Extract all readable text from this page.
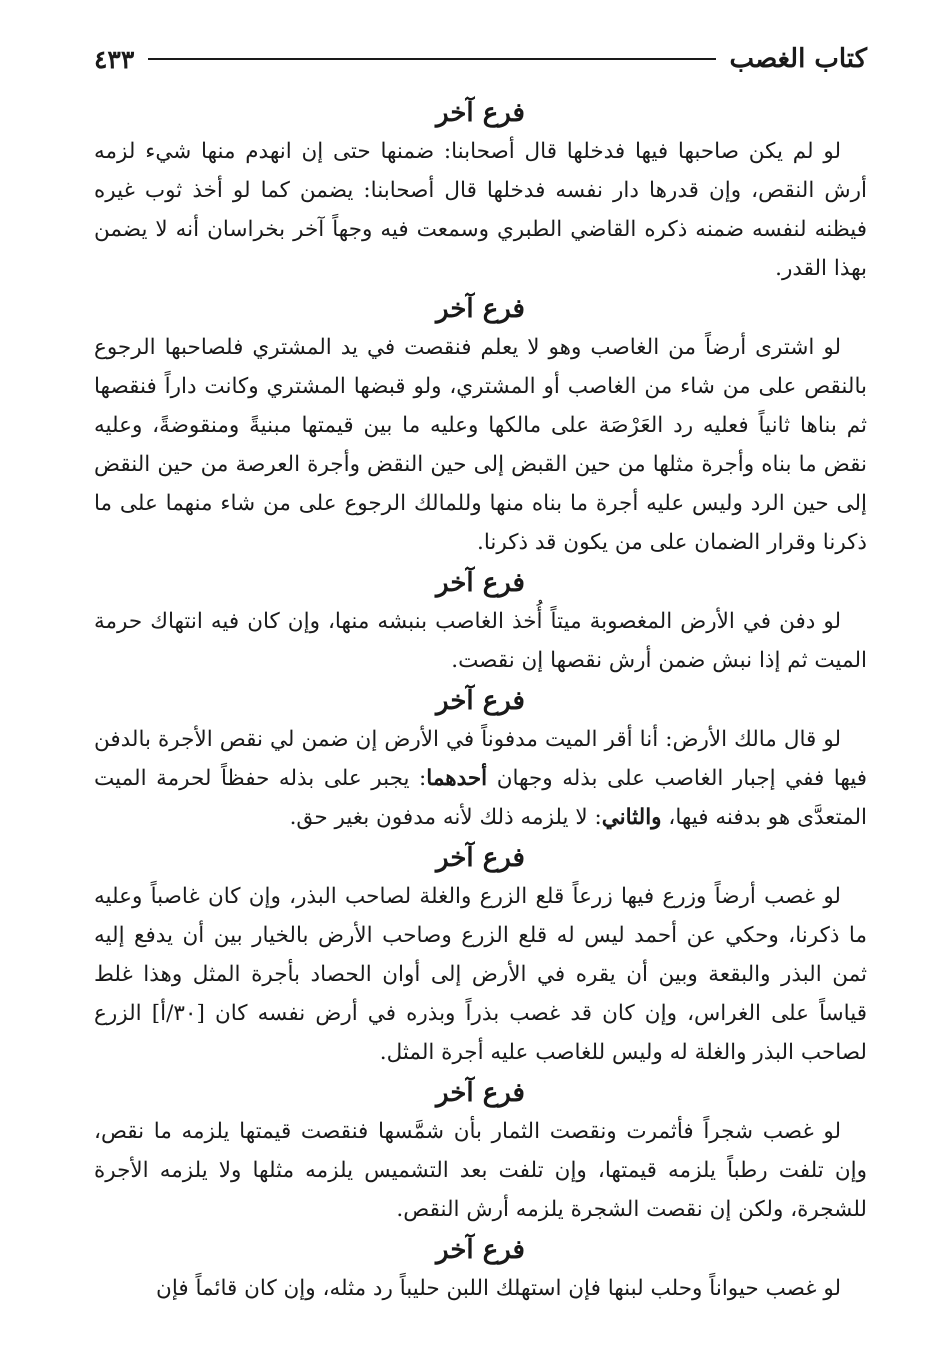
كتاب الغصب
٤٣٣
فرع آخر

لو لم يكن صاحبها فيها فدخلها قال أصحابنا: ضمنها حتى إن انهدم منها شيء لزمه أرش النقص، وإن قدرها دار نفسه فدخلها قال أصحابنا: يضمن كما لو أخذ ثوب غيره فيظنه لنفسه ضمنه ذكره القاضي الطبري وسمعت فيه وجهاً آخر بخراسان أنه لا يضمن بهذا القدر.

فرع آخر

لو اشترى أرضاً من الغاصب وهو لا يعلم فنقصت في يد المشتري فلصاحبها الرجوع بالنقص على من شاء من الغاصب أو المشتري، ولو قبضها المشتري وكانت داراً فنقصها ثم بناها ثانياً فعليه رد العَرْصَة على مالكها وعليه ما بين قيمتها مبنيةً ومنقوضةً، وعليه نقض ما بناه وأجرة مثلها من حين القبض إلى حين النقض وأجرة العرصة من حين النقض إلى حين الرد وليس عليه أجرة ما بناه منها وللمالك الرجوع على من شاء منهما على ما ذكرنا وقرار الضمان على من يكون قد ذكرنا.

فرع آخر

لو دفن في الأرض المغصوبة ميتاً أُخذ الغاصب بنبشه منها، وإن كان فيه انتهاك حرمة الميت ثم إذا نبش ضمن أرش نقصها إن نقصت.

فرع آخر

لو قال مالك الأرض: أنا أقر الميت مدفوناً في الأرض إن ضمن لي نقص الأجرة بالدفن فيها ففي إجبار الغاصب على بذله وجهان أحدهما: يجبر على بذله حفظاً لحرمة الميت المتعدَّى هو بدفنه فيها، والثاني: لا يلزمه ذلك لأنه مدفون بغير حق.

فرع آخر

لو غصب أرضاً وزرع فيها زرعاً قلع الزرع والغلة لصاحب البذر، وإن كان غاصباً وعليه ما ذكرنا، وحكي عن أحمد ليس له قلع الزرع وصاحب الأرض بالخيار بين أن يدفع إليه ثمن البذر والبقعة وبين أن يقره في الأرض إلى أوان الحصاد بأجرة المثل وهذا غلط قياساً على الغراس، وإن كان قد غصب بذراً وبذره في أرض نفسه كان [٣٠/أ] الزرع لصاحب البذر والغلة له وليس للغاصب عليه أجرة المثل.

فرع آخر

لو غصب شجراً فأثمرت ونقصت الثمار بأن شمَّسها فنقصت قيمتها يلزمه ما نقص، وإن تلفت رطباً يلزمه قيمتها، وإن تلفت بعد التشميس يلزمه مثلها ولا يلزمه الأجرة للشجرة، ولكن إن نقصت الشجرة يلزمه أرش النقص.

فرع آخر

لو غصب حيواناً وحلب لبنها فإن استهلك اللبن حليباً رد مثله، وإن كان قائماً فإن
